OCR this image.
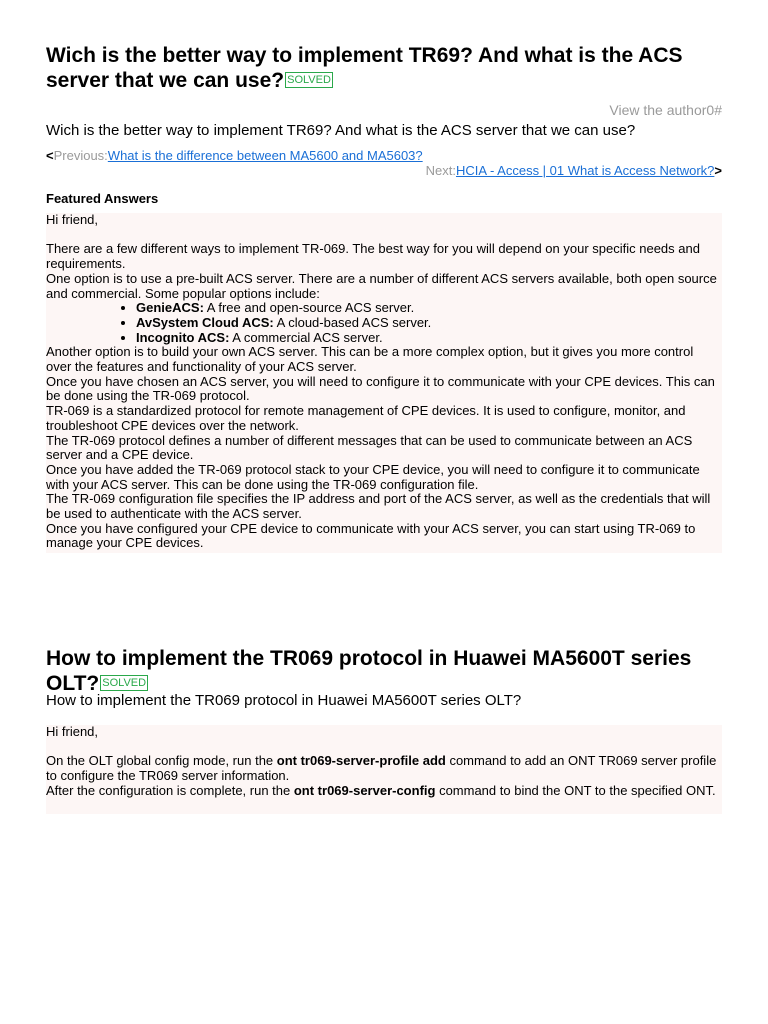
Wich is the better way to implement TR69? And what is the ACS server that we can use? SOLVED
View the author0#
Wich is the better way to implement TR69? And what is the ACS server that we can use?
<Previous:What is the difference between MA5600 and MA5603?
Next:HCIA - Access | 01 What is Access Network?>
Featured Answers

Hi friend,

There are a few different ways to implement TR-069. The best way for you will depend on your specific needs and requirements.

One option is to use a pre-built ACS server. There are a number of different ACS servers available, both open source and commercial. Some popular options include:

• GenieACS: A free and open-source ACS server.
• AvSystem Cloud ACS: A cloud-based ACS server.
• Incognito ACS: A commercial ACS server.

Another option is to build your own ACS server. This can be a more complex option, but it gives you more control over the features and functionality of your ACS server.

Once you have chosen an ACS server, you will need to configure it to communicate with your CPE devices. This can be done using the TR-069 protocol.

TR-069 is a standardized protocol for remote management of CPE devices. It is used to configure, monitor, and troubleshoot CPE devices over the network.

The TR-069 protocol defines a number of different messages that can be used to communicate between an ACS server and a CPE device.

Once you have added the TR-069 protocol stack to your CPE device, you will need to configure it to communicate with your ACS server. This can be done using the TR-069 configuration file.

The TR-069 configuration file specifies the IP address and port of the ACS server, as well as the credentials that will be used to authenticate with the ACS server.

Once you have configured your CPE device to communicate with your ACS server, you can start using TR-069 to manage your CPE devices.

How to implement the TR069 protocol in Huawei MA5600T series OLT? SOLVED
How to implement the TR069 protocol in Huawei MA5600T series OLT?

Hi friend,

On the OLT global config mode, run the ont tr069-server-profile add command to add an ONT TR069 server profile to configure the TR069 server information.

After the configuration is complete, run the ont tr069-server-config command to bind the ONT to the specified ONT.
